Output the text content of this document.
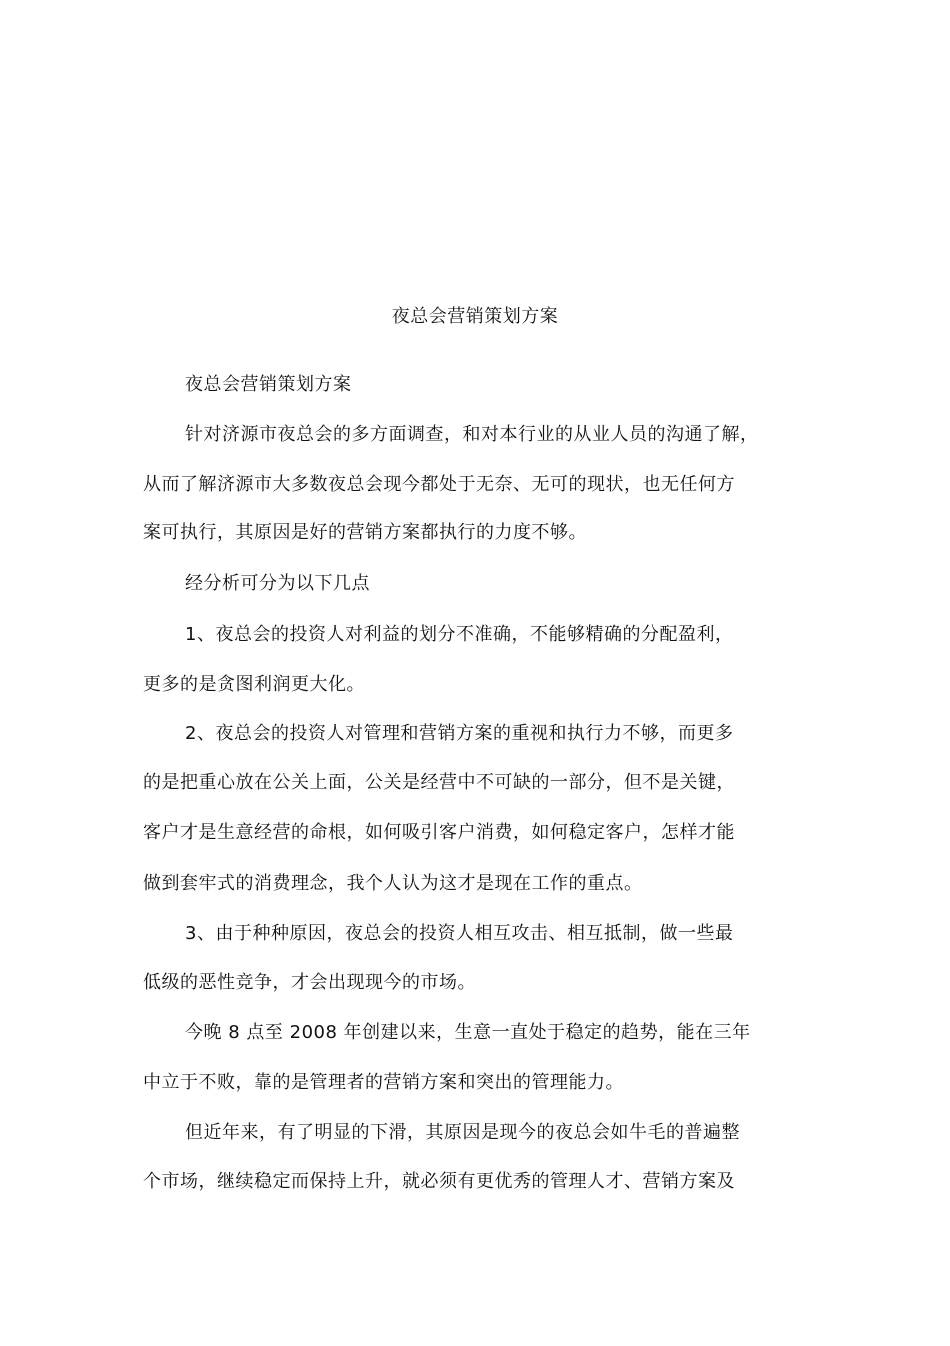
夜总会营销策划方案
夜总会营销策划方案
针对济源市夜总会的多方面调查，和对本行业的从业人员的沟通了解，
从而了解济源市大多数夜总会现今都处于无奈、无可的现状，也无任何方
案可执行，其原因是好的营销方案都执行的力度不够。
经分析可分为以下几点
1、夜总会的投资人对利益的划分不准确，不能够精确的分配盈利，
更多的是贪图利润更大化。
2、夜总会的投资人对管理和营销方案的重视和执行力不够，而更多
的是把重心放在公关上面，公关是经营中不可缺的一部分，但不是关键，
客户才是生意经营的命根，如何吸引客户消费，如何稳定客户，怎样才能
做到套牢式的消费理念，我个人认为这才是现在工作的重点。
3、由于种种原因，夜总会的投资人相互攻击、相互抵制，做一些最
低级的恶性竞争，才会出现现今的市场。
今晚 8 点至 2008 年创建以来，生意一直处于稳定的趋势，能在三年
中立于不败，靠的是管理者的营销方案和突出的管理能力。
但近年来，有了明显的下滑，其原因是现今的夜总会如牛毛的普遍整
个市场，继续稳定而保持上升，就必须有更优秀的管理人才、营销方案及
